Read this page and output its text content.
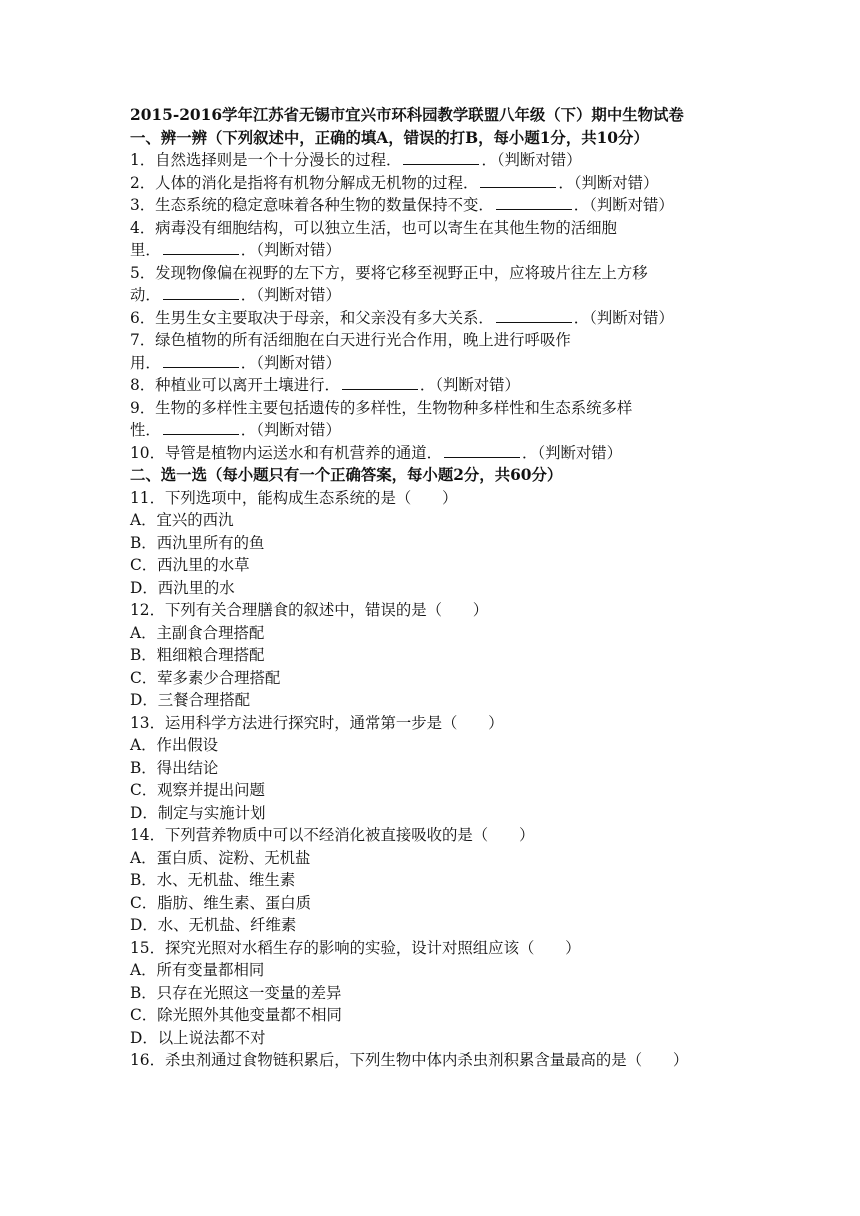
2015-2016学年江苏省无锡市宜兴市环科园教学联盟八年级（下）期中生物试卷
一、辨一辨（下列叙述中，正确的填A，错误的打B，每小题1分，共10分）
1．自然选择则是一个十分漫长的过程．	．（判断对错）
2．人体的消化是指将有机物分解成无机物的过程．	．（判断对错）
3．生态系统的稳定意味着各种生物的数量保持不变．	．（判断对错）
4．病毒没有细胞结构，可以独立生活，也可以寄生在其他生物的活细胞
里．	．（判断对错）
5．发现物像偏在视野的左下方，要将它移至视野正中，应将玻片往左上方移
动．	．（判断对错）
6．生男生女主要取决于母亲，和父亲没有多大关系．	．（判断对错）
7．绿色植物的所有活细胞在白天进行光合作用，晚上进行呼吸作
用．	．（判断对错）
8．种植业可以离开土壤进行．	．（判断对错）
9．生物的多样性主要包括遗传的多样性，生物物种多样性和生态系统多样
性．	．（判断对错）
10．导管是植物内运送水和有机营养的通道．	．（判断对错）
二、选一选（每小题只有一个正确答案，每小题2分，共60分）
11．下列选项中，能构成生态系统的是（　　）
A．宜兴的西氿
B．西氿里所有的鱼
C．西氿里的水草
D．西氿里的水
12．下列有关合理膳食的叙述中，错误的是（　　）
A．主副食合理搭配
B．粗细粮合理搭配
C．荤多素少合理搭配
D．三餐合理搭配
13．运用科学方法进行探究时，通常第一步是（　　）
A．作出假设
B．得出结论
C．观察并提出问题
D．制定与实施计划
14．下列营养物质中可以不经消化被直接吸收的是（　　）
A．蛋白质、淀粉、无机盐
B．水、无机盐、维生素
C．脂肪、维生素、蛋白质
D．水、无机盐、纤维素
15．探究光照对水稻生存的影响的实验，设计对照组应该（　　）
A．所有变量都相同
B．只存在光照这一变量的差异
C．除光照外其他变量都不相同
D．以上说法都不对
16．杀虫剂通过食物链积累后，下列生物中体内杀虫剂积累含量最高的是（　　）
